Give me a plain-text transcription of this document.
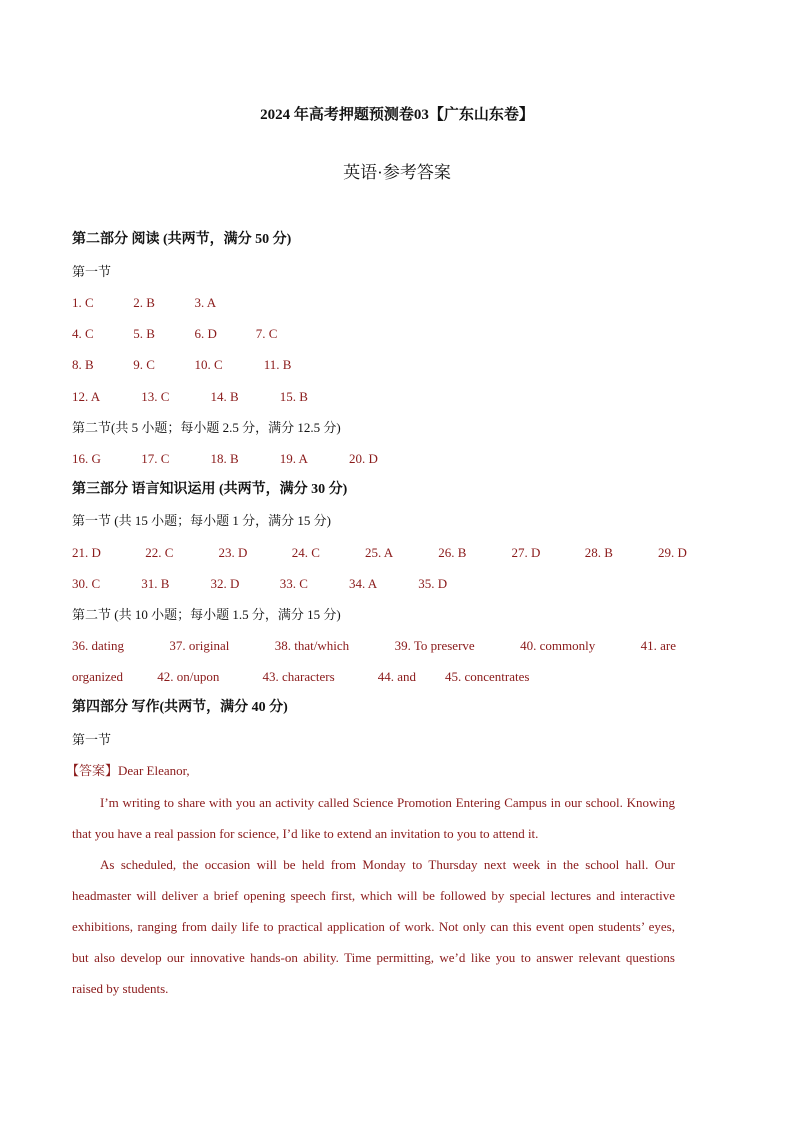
2024 年高考押题预测卷03【广东山东卷】
英语·参考答案
第二部分 阅读 (共两节，满分 50 分)
第一节
1. C	2. B	3. A
4. C	5. B	6. D	7. C
8. B	9. C	10. C	11. B
12. A	13. C	14. B	15. B
第二节(共 5 小题；每小题 2.5 分，满分 12.5 分)
16. G	17. C	18. B	19. A	20. D
第三部分 语言知识运用 (共两节，满分 30 分)
第一节 (共 15 小题；每小题 1 分，满分 15 分)
21. D	22. C	23. D	24. C	25. A	26. B	27. D	28. B	29. D
30. C	31. B	32. D	33. C	34. A	35. D
第二节 (共 10 小题；每小题 1.5 分，满分 15 分)
36. dating	37. original	38. that/which	39. To preserve	40. commonly	41. are
organized	42. on/upon	43. characters	44. and 45. concentrates
第四部分 写作(共两节，满分 40 分)
第一节
【答案】Dear Eleanor,
I’m writing to share with you an activity called Science Promotion Entering Campus in our school. Knowing that you have a real passion for science, I’d like to extend an invitation to you to attend it.
As scheduled, the occasion will be held from Monday to Thursday next week in the school hall. Our headmaster will deliver a brief opening speech first, which will be followed by special lectures and interactive exhibitions, ranging from daily life to practical application of work. Not only can this event open students’ eyes, but also develop our innovative hands-on ability. Time permitting, we’d like you to answer relevant questions raised by students.
